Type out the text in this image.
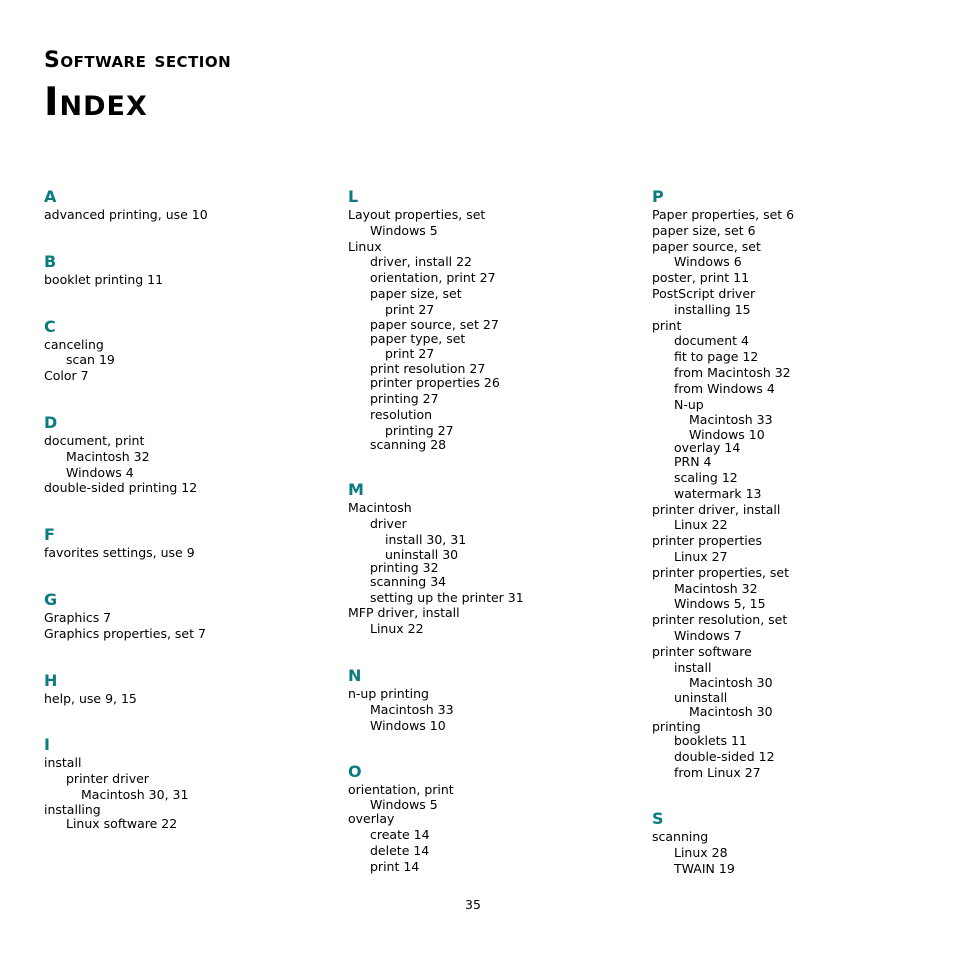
Software section
Index
A
advanced printing, use 10
B
booklet printing 11
C
canceling
scan 19
Color 7
D
document, print
Macintosh 32
Windows 4
double-sided printing 12
F
favorites settings, use 9
G
Graphics 7
Graphics properties, set 7
H
help, use 9, 15
I
install
printer driver
Macintosh 30, 31
installing
Linux software 22
L
Layout properties, set
Windows 5
Linux
driver, install 22
orientation, print 27
paper size, set
print 27
paper source, set 27
paper type, set
print 27
print resolution 27
printer properties 26
printing 27
resolution
printing 27
scanning 28
M
Macintosh
driver
install 30, 31
uninstall 30
printing 32
scanning 34
setting up the printer 31
MFP driver, install
Linux 22
N
n-up printing
Macintosh 33
Windows 10
O
orientation, print
Windows 5
overlay
create 14
delete 14
print 14
P
Paper properties, set 6
paper size, set 6
paper source, set
Windows 6
poster, print 11
PostScript driver
installing 15
print
document 4
fit to page 12
from Macintosh 32
from Windows 4
N-up
Macintosh 33
Windows 10
overlay 14
PRN 4
scaling 12
watermark 13
printer driver, install
Linux 22
printer properties
Linux 27
printer properties, set
Macintosh 32
Windows 5, 15
printer resolution, set
Windows 7
printer software
install
Macintosh 30
uninstall
Macintosh 30
printing
booklets 11
double-sided 12
from Linux 27
S
scanning
Linux 28
TWAIN 19
35
